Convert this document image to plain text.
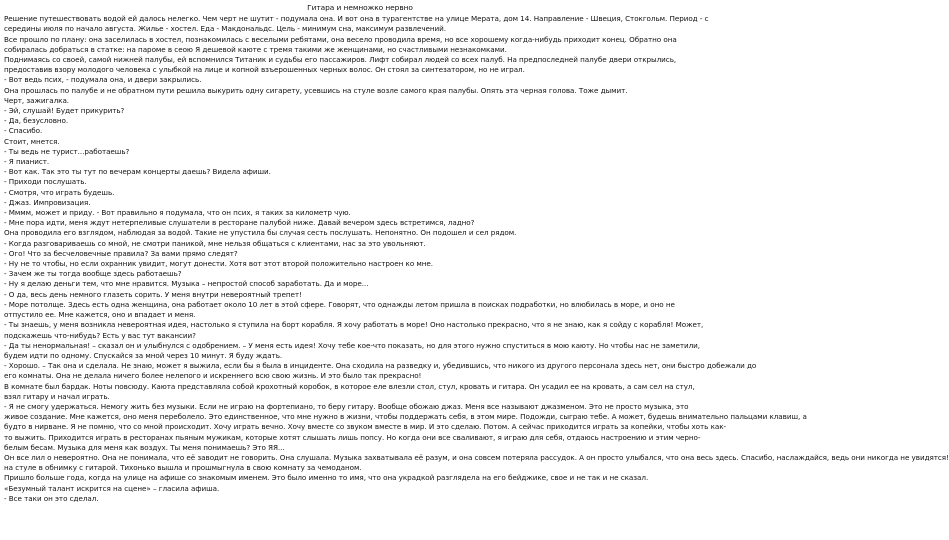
Гитара и немножко нервно
Решение путешествовать водой ей далось нелегко. Чем черт не шутит - подумала она. И вот она в турагентстве на улице Мерата, дом 14. Направление - Швеция, Стокгольм. Период - с
середины июля по начало августа. Жилье - хостел. Еда - Макдональдс. Цель - минимум сна, максимум развлечений.
Все прошло по плану: она заселилась в хостел, познакомилась с веселыми ребятами, она весело проводила время, но все хорошему когда-нибудь приходит конец. Обратно она
собиралась добраться в статке: на пароме в сеою Я дешевой каюте с тремя такими же женщинами, но счастливыми незнакомками.
Поднимаясь со своей, самой нижней палубы, ей вспомнился Титаник и судьбы его пассажиров. Лифт собирал людей со всех палуб. На предпоследней палубе двери открылись,
предоставив взору молодого человека с улыбкой на лице и копной взъерошенных черных волос. Он стоял за синтезатором, но не играл.
- Вот ведь псих, - подумала она, и двери закрылись.
Она прошлась по палубе и не обратном пути решила выкурить одну сигарету, усевшись на стуле возле самого края палубы. Опять эта черная голова. Тоже дымит.
Черт, зажигалка.
- Эй, слушай! Будет прикурить?
- Да, безусловно.
- Спасибо.
Стоит, мнется.
- Ты ведь не турист...работаешь?
- Я пианист.
- Вот как. Так это ты тут по вечерам концерты даешь? Видела афиши.
- Приходи послушать.
- Смотря, что играть будешь.
- Джаз. Импровизация.
- Мммм, может и приду. - Вот правильно я подумала, что он псих, я таких за километр чую.
- Мне пора идти, меня ждут нетерпеливые слушатели в ресторане палубой ниже. Давай вечером здесь встретимся, ладно?
Она проводила его взглядом, наблюдая за водой. Такие не упустила бы случая сесть послушать. Непонятно. Он подошел и сел рядом.
- Когда разговариваешь со мной, не смотри паникой, мне нельзя общаться с клиентами, нас за это увольняют.
- Ого! Что за бесчеловечные правила? За вами прямо следят?
- Ну не то чтобы, но если охранник увидит, могут донести. Хотя вот этот второй положительно настроен ко мне.
- Зачем же ты тогда вообще здесь работаешь?
- Ну я делаю деньги тем, что мне нравится. Музыка – непростой способ заработать. Да и море...
- О да, весь день немного глазеть сорить. У меня внутри невероятный трепет!
- Море потолще. Здесь есть одна женщина, она работает около 10 лет в этой сфере. Говорят, что однажды летом пришла в поисках подработки, но влюбилась в море, и оно не
отпустило ее. Мне кажется, оно и впадает и меня.
- Ты знаешь, у меня возникла невероятная идея, настолько я ступила на борт корабля. Я хочу работать в море! Оно настолько прекрасно, что я не знаю, как я сойду с корабля! Может,
подскажешь что-нибудь? Есть у вас тут вакансии?
- Да ты ненормальная! – сказал он и улыбнулся с одобрением. – У меня есть идея! Хочу тебе кое-что показать, но для этого нужно спуститься в мою каюту. Но чтобы нас не заметили,
будем идти по одному. Спускайся за мной через 10 минут. Я буду ждать.
- Хорошо. – Так она и сделала. Не знаю, может я выжила, если бы я была в инциденте. Она сходила на разведку и, убедившись, что никого из другого персонала здесь нет, они быстро добежали до
его комнаты. Она не делала ничего более нелепого и искреннего всю свою жизнь. И это было так прекрасно!
В комнате был бардак. Ноты повсюду. Каюта представляла собой крохотный коробок, в которое еле влезли стол, стул, кровать и гитара. Он усадил ее на кровать, а сам сел на стул,
взял гитару и начал играть.
- Я не смогу удержаться. Немогу жить без музыки. Если не играю на фортепиано, то беру гитару. Вообще обожаю джаз. Меня все называют джазменом. Это не просто музыка, это
живое создание. Мне кажется, оно меня переболело. Это единственное, что мне нужно в жизни, чтобы поддержать себя, в этом мире. Подожди, сыграю тебе. А может, будешь внимательно пальцами клавиш, а
будто в нирване. Я не помню, что со мной происходит. Хочу играть вечно. Хочу вместе со звуком вместе в мир. И это сделаю. Потом. А сейчас приходится играть за копейки, чтобы хоть как-
то выжить. Приходится играть в ресторанах пьяным мужикам, которые хотят слышать лишь попсу. Но когда они все сваливают, я играю для себя, отдаюсь настроению и этим черно-
белым бесам. Музыка для меня как воздух. Ты меня понимаешь? Это ЯЯ...
Он все лил о невероятно. Она не понимала, что её заводит не говорить. Она слушала. Музыка захватывала её разум, и она совсем потеряла рассудок. А он просто улыбался, что она весь здесь. Спасибо, наслаждайся, ведь они никогда не увидятся!
на стуле в обнимку с гитарой. Тихонько вышла и прошмыгнула в свою комнату за чемоданом.
Пришло больше года, когда на улице на афише со знакомым именем. Это было именно то имя, что она украдкой разглядела на его бейджике, свое и не так и не сказал.
«Безумный талант искрится на сцене» – гласила афиша.
- Все таки он это сделал.
